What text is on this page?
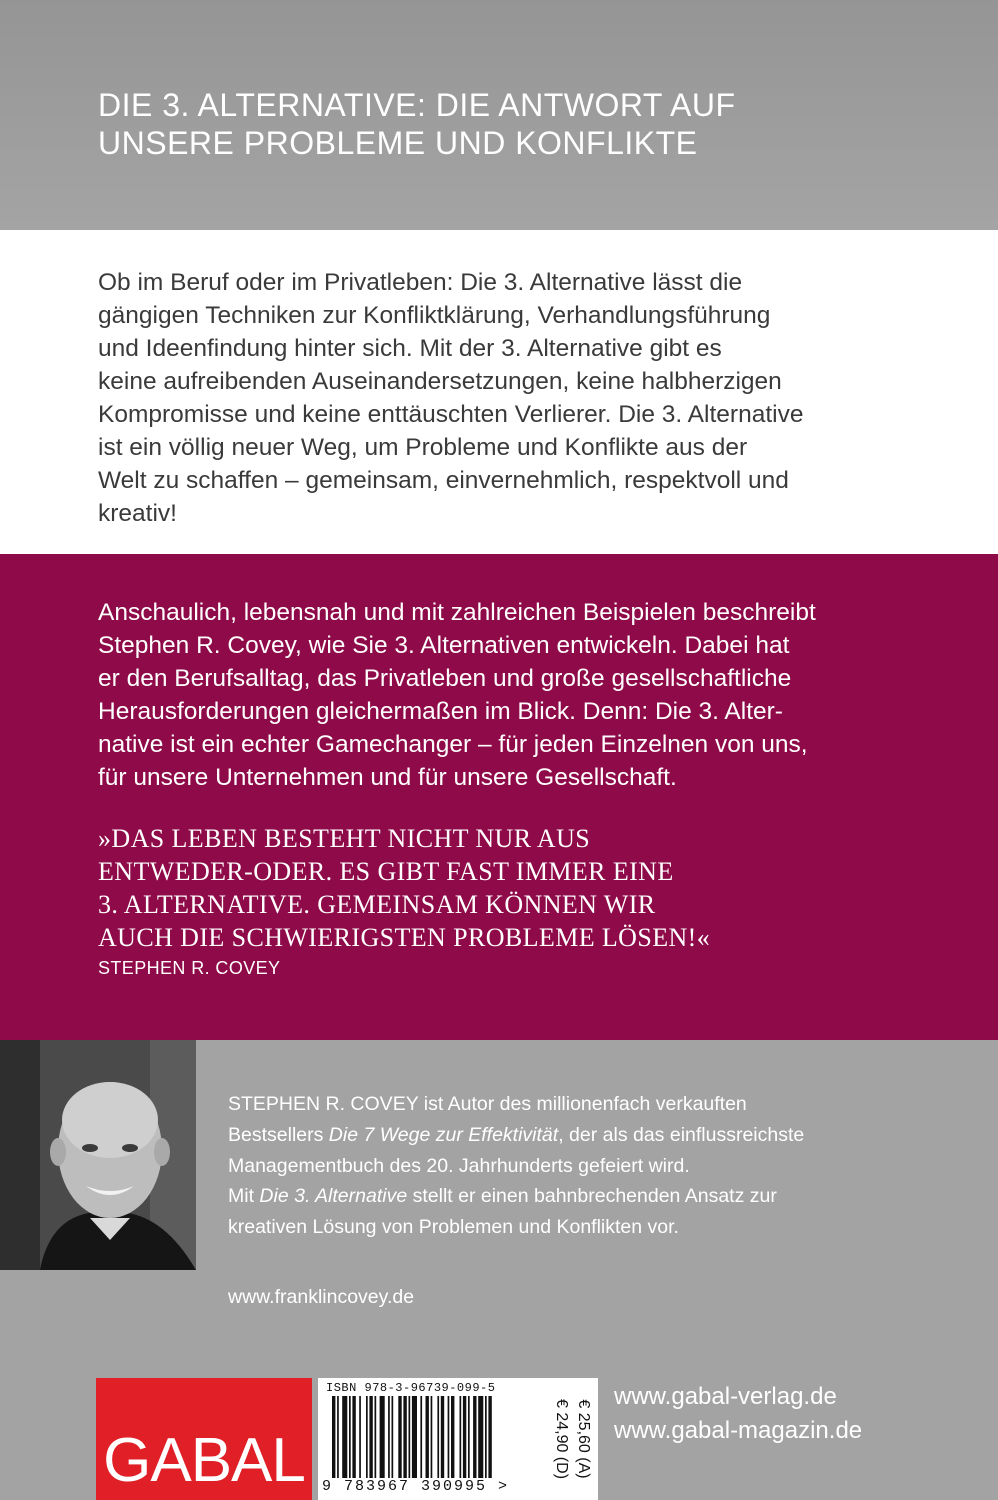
DIE 3. ALTERNATIVE: DIE ANTWORT AUF
UNSERE PROBLEME UND KONFLIKTE
Ob im Beruf oder im Privatleben: Die 3. Alternative lässt die
gängigen Techniken zur Konfliktklärung, Verhandlungsführung
und Ideenfindung hinter sich. Mit der 3. Alternative gibt es
keine aufreibenden Auseinandersetzungen, keine halbherzigen
Kompromisse und keine enttäuschten Verlierer. Die 3. Alternative
ist ein völlig neuer Weg, um Probleme und Konflikte aus der
Welt zu schaffen – gemeinsam, einvernehmlich, respektvoll und
kreativ!
Anschaulich, lebensnah und mit zahlreichen Beispielen beschreibt
Stephen R. Covey, wie Sie 3. Alternativen entwickeln. Dabei hat
er den Berufsalltag, das Privatleben und große gesellschaftliche
Herausforderungen gleichermaßen im Blick. Denn: Die 3. Alter-
native ist ein echter Gamechanger – für jeden Einzelnen von uns,
für unsere Unternehmen und für unsere Gesellschaft.
»DAS LEBEN BESTEHT NICHT NUR AUS
ENTWEDER-ODER. ES GIBT FAST IMMER EINE
3. ALTERNATIVE. GEMEINSAM KÖNNEN WIR
AUCH DIE SCHWIERIGSTEN PROBLEME LÖSEN!«
STEPHEN R. COVEY
STEPHEN R. COVEY ist Autor des millionenfach verkauften
Bestsellers Die 7 Wege zur Effektivität, der als das einflussreichste
Managementbuch des 20. Jahrhunderts gefeiert wird.
Mit Die 3. Alternative stellt er einen bahnbrechenden Ansatz zur
kreativen Lösung von Problemen und Konflikten vor.
www.franklincovey.de
GABAL
ISBN 978-3-96739-099-5
9 783967 390995 >
€ 24,90 (D) € 25,60 (A)
www.gabal-verlag.de
www.gabal-magazin.de
